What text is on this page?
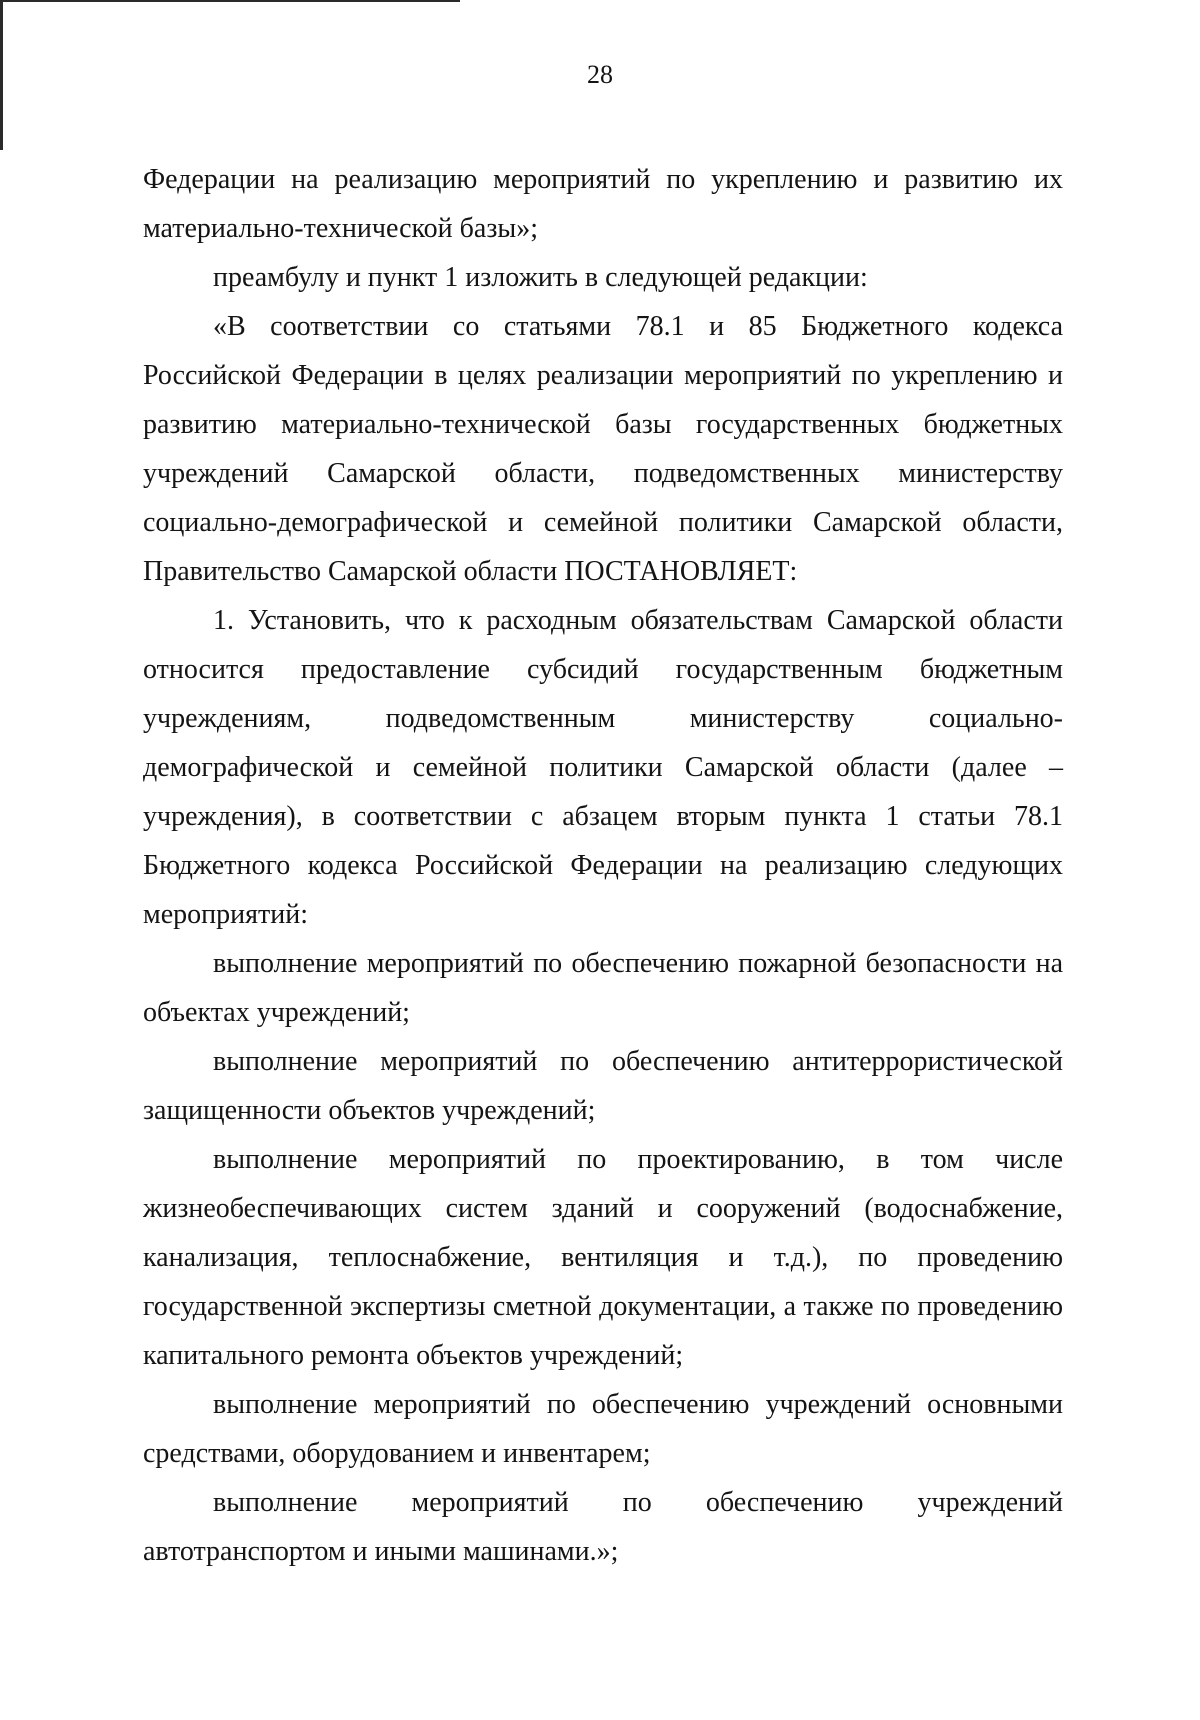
28

Федерации на реализацию мероприятий по укреплению и развитию их материально-технической базы»;

преамбулу и пункт 1 изложить в следующей редакции:

«В соответствии со статьями 78.1 и 85 Бюджетного кодекса Российской Федерации в целях реализации мероприятий по укреплению и развитию материально-технической базы государственных бюджетных учреждений Самарской области, подведомственных министерству социально-демографической и семейной политики Самарской области, Правительство Самарской области ПОСТАНОВЛЯЕТ:

1. Установить, что к расходным обязательствам Самарской области относится предоставление субсидий государственным бюджетным учреждениям, подведомственным министерству социально-демографической и семейной политики Самарской области (далее – учреждения), в соответствии с абзацем вторым пункта 1 статьи 78.1 Бюджетного кодекса Российской Федерации на реализацию следующих мероприятий:

выполнение мероприятий по обеспечению пожарной безопасности на объектах учреждений;

выполнение мероприятий по обеспечению антитеррористической защищенности объектов учреждений;

выполнение мероприятий по проектированию, в том числе жизнеобеспечивающих систем зданий и сооружений (водоснабжение, канализация, теплоснабжение, вентиляция и т.д.), по проведению государственной экспертизы сметной документации, а также по проведению капитального ремонта объектов учреждений;

выполнение мероприятий по обеспечению учреждений основными средствами, оборудованием и инвентарем;

выполнение мероприятий по обеспечению учреждений автотранспортом и иными машинами.»;
